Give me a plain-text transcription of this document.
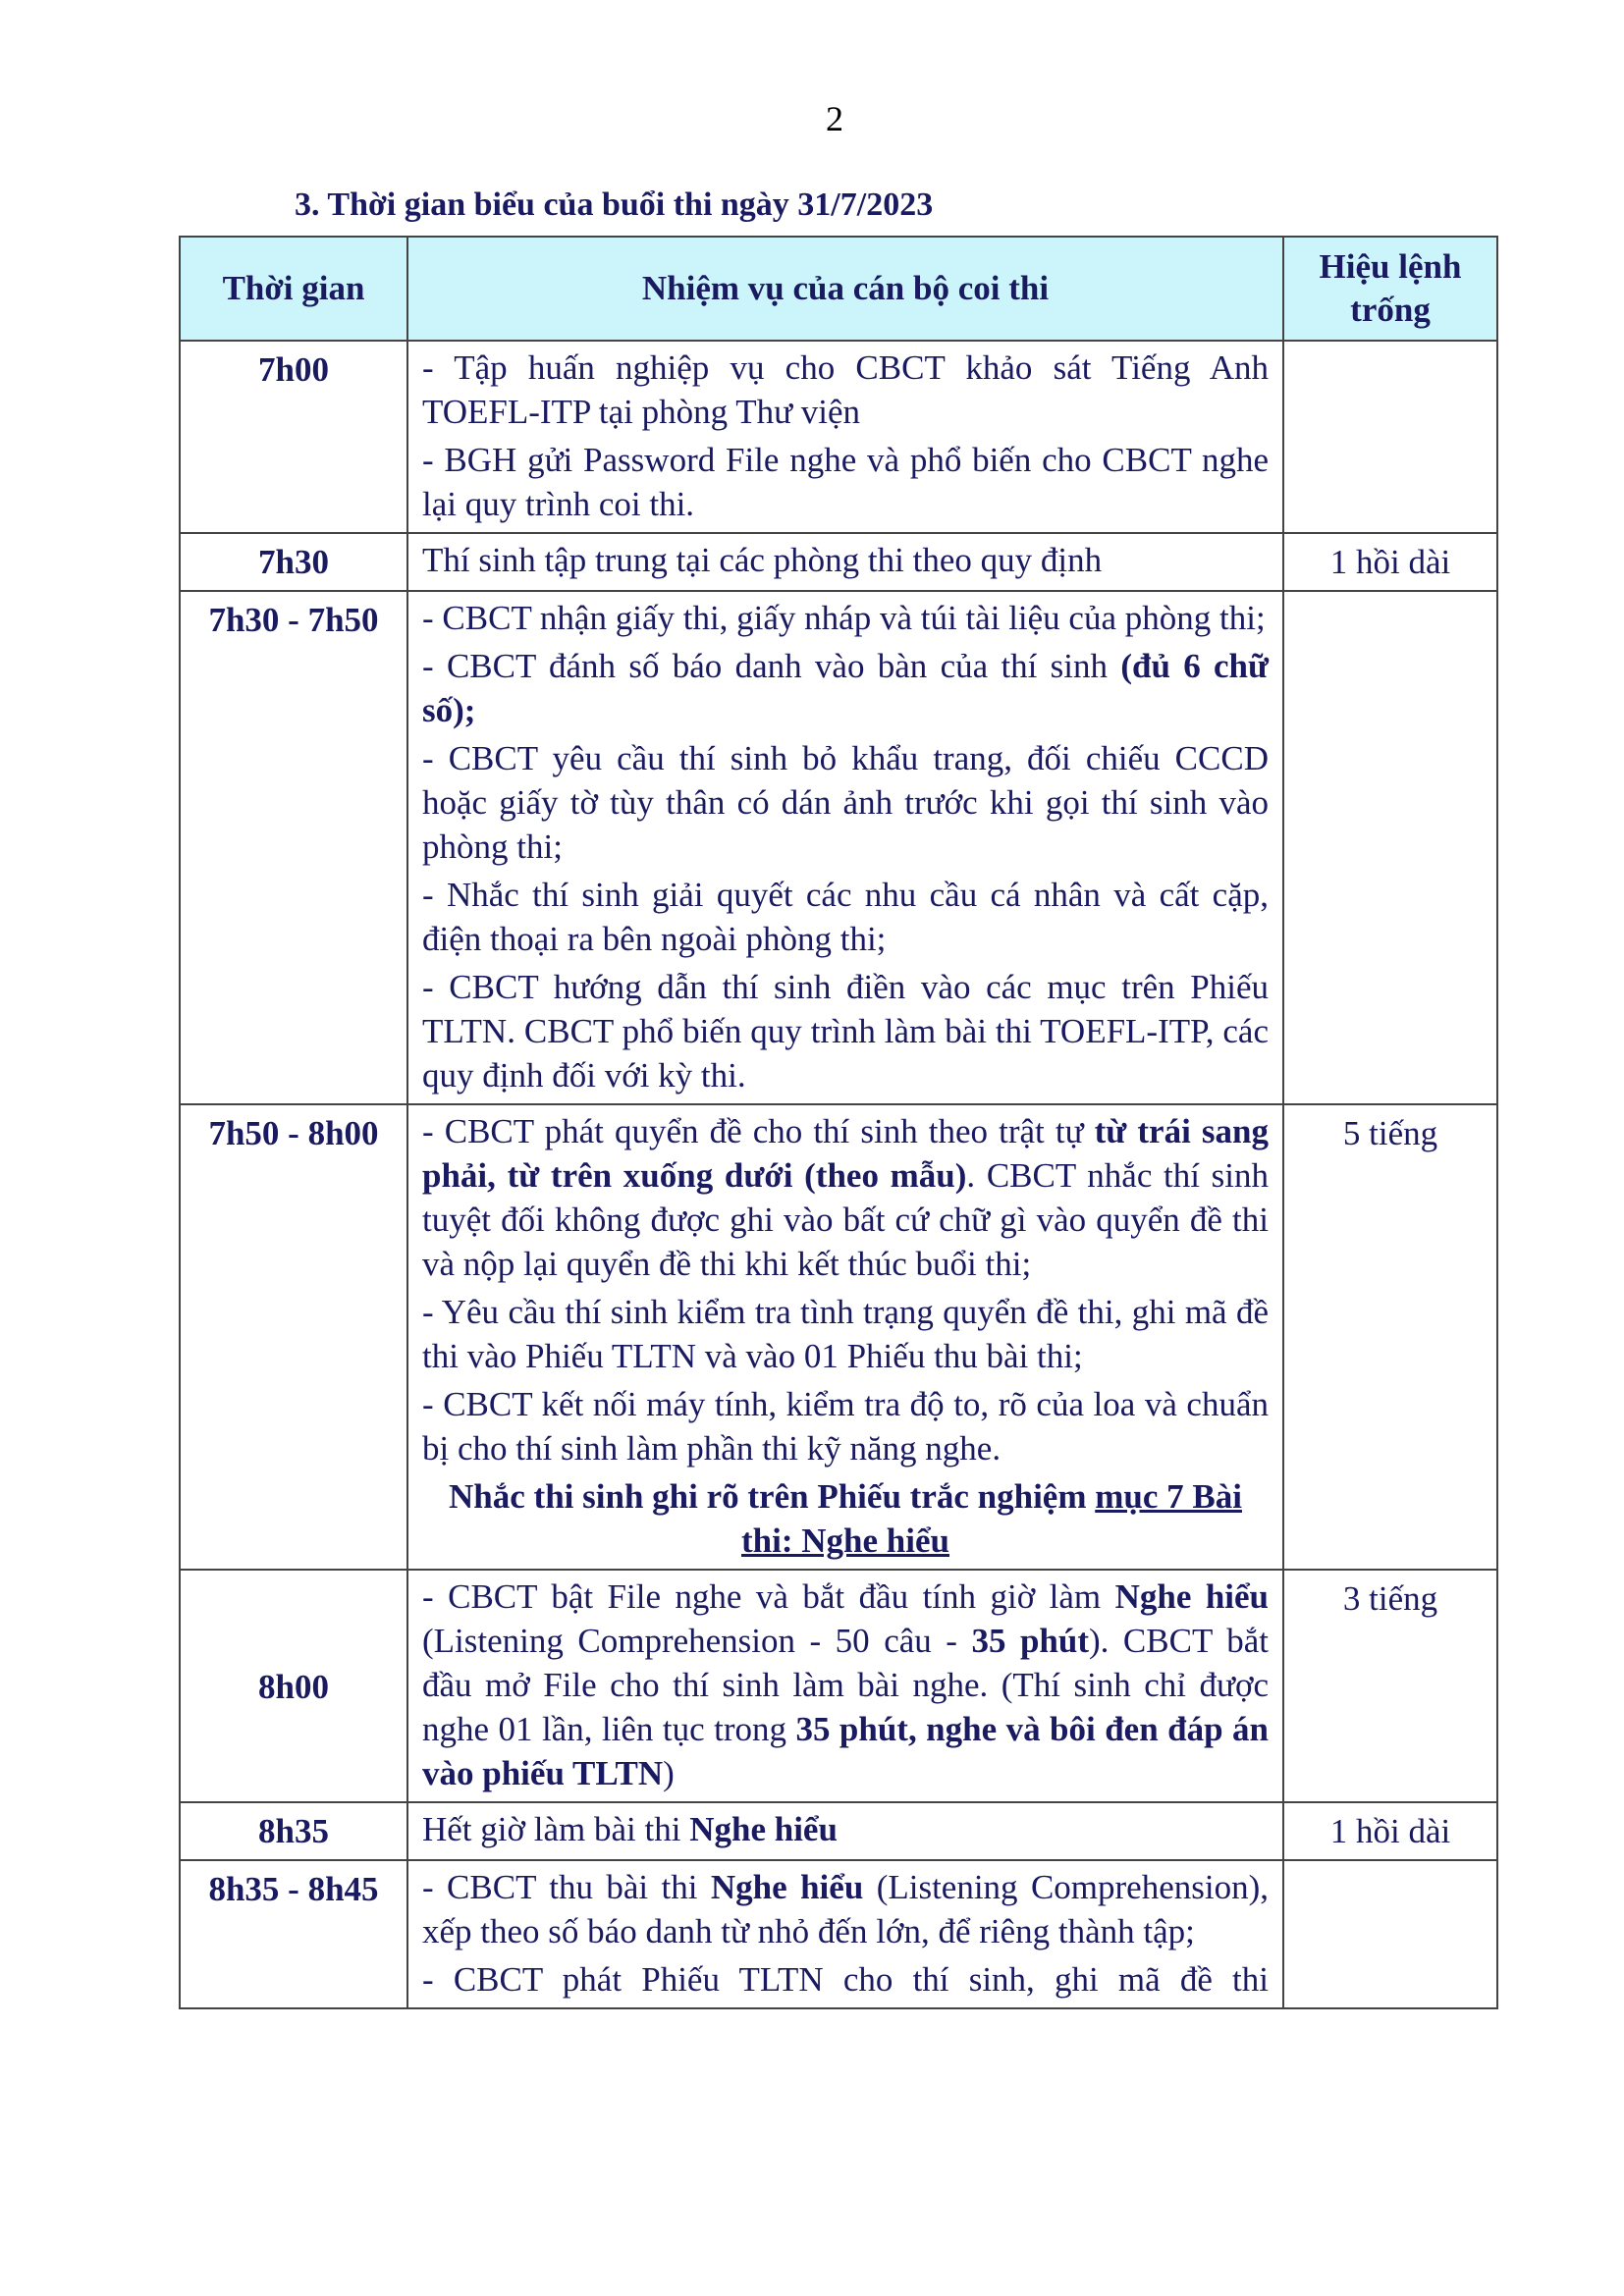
2
3. Thời gian biểu của buổi thi ngày 31/7/2023
Thời gian	Nhiệm vụ của cán bộ coi thi	Hiệu lệnh trống
7h00	- Tập huấn nghiệp vụ cho CBCT khảo sát Tiếng Anh TOEFL-ITP tại phòng Thư viện
- BGH gửi Password File nghe và phổ biến cho CBCT nghe lại quy trình coi thi.	

7h30	Thí sinh tập trung tại các phòng thi theo quy định	1 hồi dài
7h30 - 7h50	- CBCT nhận giấy thi, giấy nháp và túi tài liệu của phòng thi;
- CBCT đánh số báo danh vào bàn của thí sinh (đủ 6 chữ số);
- CBCT yêu cầu thí sinh bỏ khẩu trang, đối chiếu CCCD hoặc giấy tờ tùy thân có dán ảnh trước khi gọi thí sinh vào phòng thi;
- Nhắc thí sinh giải quyết các nhu cầu cá nhân và cất cặp, điện thoại ra bên ngoài phòng thi;
- CBCT hướng dẫn thí sinh điền vào các mục trên Phiếu TLTN. CBCT phổ biến quy trình làm bài thi TOEFL-ITP, các quy định đối với kỳ thi.	

7h50 - 8h00	- CBCT phát quyển đề cho thí sinh theo trật tự từ trái sang phải, từ trên xuống dưới (theo mẫu). CBCT nhắc thí sinh tuyệt đối không được ghi vào bất cứ chữ gì vào quyển đề thi và nộp lại quyển đề thi khi kết thúc buổi thi;
- Yêu cầu thí sinh kiểm tra tình trạng quyển đề thi, ghi mã đề thi vào Phiếu TLTN và vào 01 Phiếu thu bài thi;
- CBCT kết nối máy tính, kiểm tra độ to, rõ của loa và chuẩn bị cho thí sinh làm phần thi kỹ năng nghe.
Nhắc thi sinh ghi rõ trên Phiếu trắc nghiệm mục 7 Bài thi: Nghe hiểu	5 tiếng
8h00	- CBCT bật File nghe và bắt đầu tính giờ làm Nghe hiểu (Listening Comprehension - 50 câu - 35 phút). CBCT bắt đầu mở File cho thí sinh làm bài nghe. (Thí sinh chỉ được nghe 01 lần, liên tục trong 35 phút, nghe và bôi đen đáp án vào phiếu TLTN)	3 tiếng
8h35	Hết giờ làm bài thi Nghe hiểu	1 hồi dài
8h35 - 8h45	- CBCT thu bài thi Nghe hiểu (Listening Comprehension), xếp theo số báo danh từ nhỏ đến lớn, để riêng thành tập;
- CBCT phát Phiếu TLTN cho thí sinh, ghi mã đề thi	
